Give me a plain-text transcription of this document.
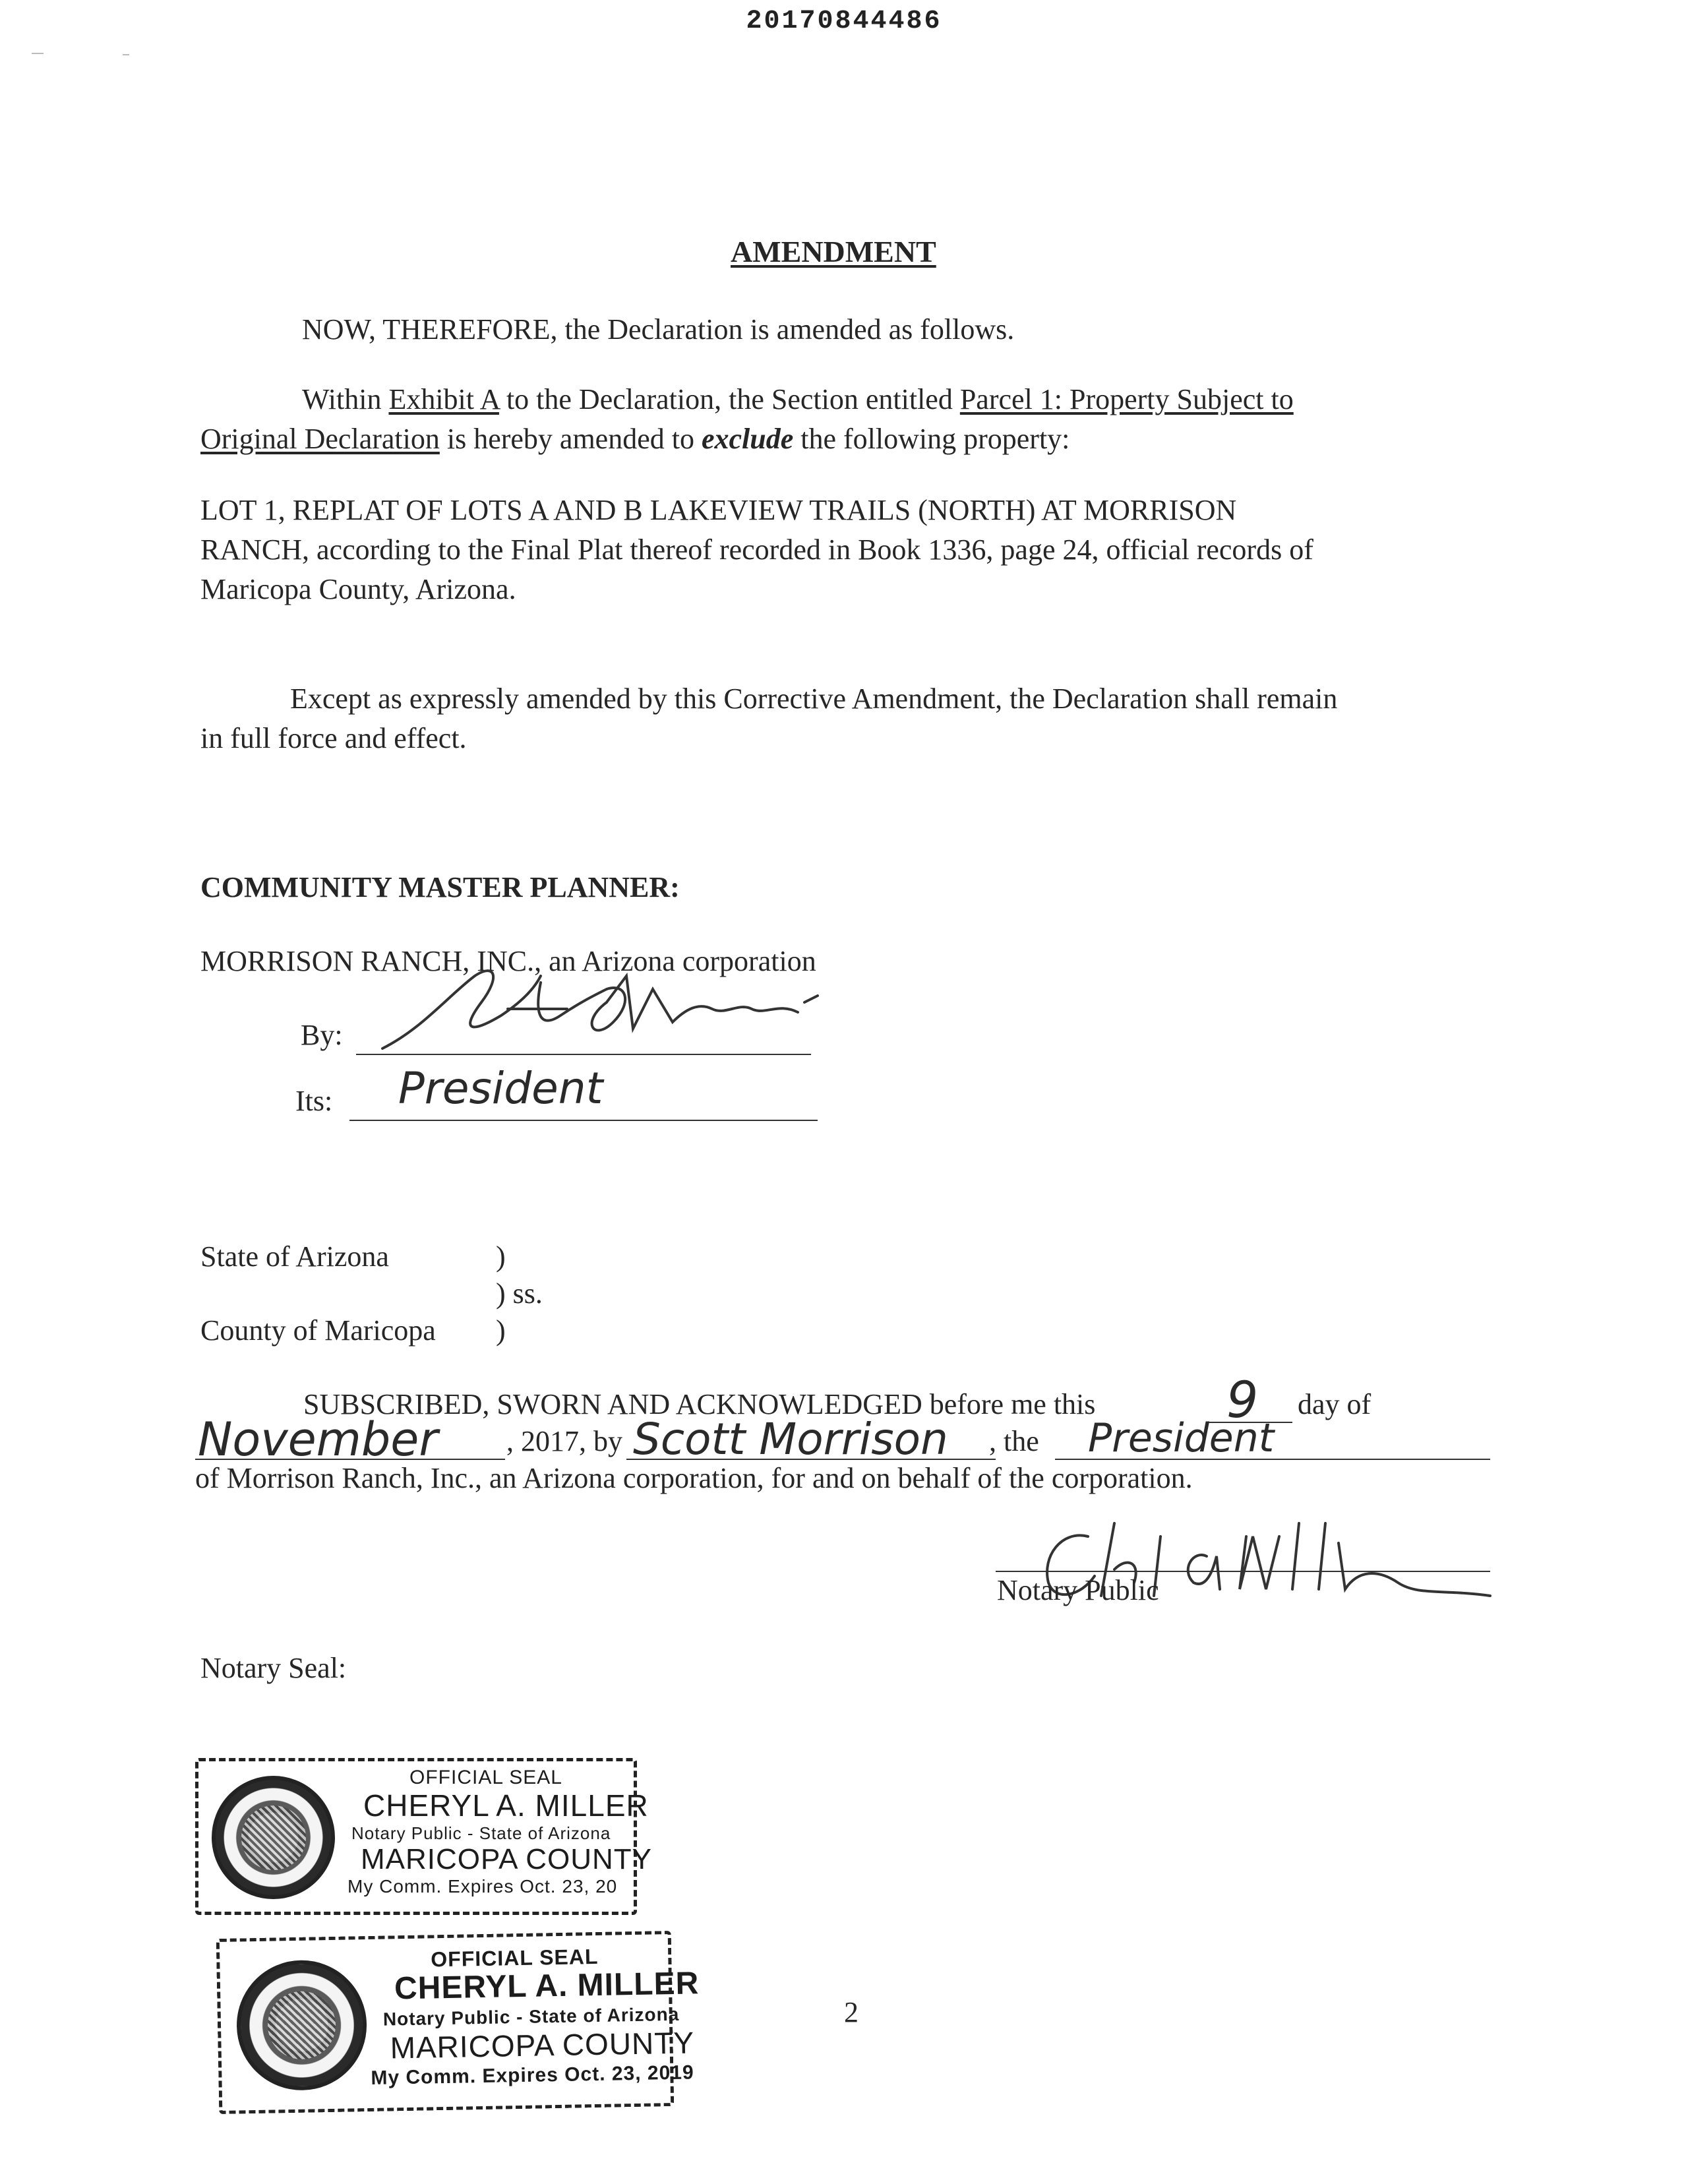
20170844486
AMENDMENT
NOW, THEREFORE, the Declaration is amended as follows.
Within Exhibit A to the Declaration, the Section entitled Parcel 1: Property Subject to
Original Declaration is hereby amended to exclude the following property:
LOT 1, REPLAT OF LOTS A AND B LAKEVIEW TRAILS (NORTH) AT MORRISON
RANCH, according to the Final Plat thereof recorded in Book 1336, page 24, official records of
Maricopa County, Arizona.
Except as expressly amended by this Corrective Amendment, the Declaration shall remain
in full force and effect.
COMMUNITY MASTER PLANNER:
MORRISON RANCH, INC., an Arizona corporation
By:
Its: President
State of Arizona	)
) ss.
County of Maricopa )
SUBSCRIBED, SWORN AND ACKNOWLEDGED before me this	9 day of
November , 2017, by Scott Morrison , the President
of Morrison Ranch, Inc., an Arizona corporation, for and on behalf of the corporation.
Notary Public
Notary Seal:
OFFICIAL SEAL
CHERYL A. MILLER
Notary Public - State of Arizona
MARICOPA COUNTY
My Comm. Expires Oct. 23, 20
OFFICIAL SEAL
CHERYL A. MILLER
Notary Public - State of Arizona
MARICOPA COUNTY
My Comm. Expires Oct. 23, 2019
2
